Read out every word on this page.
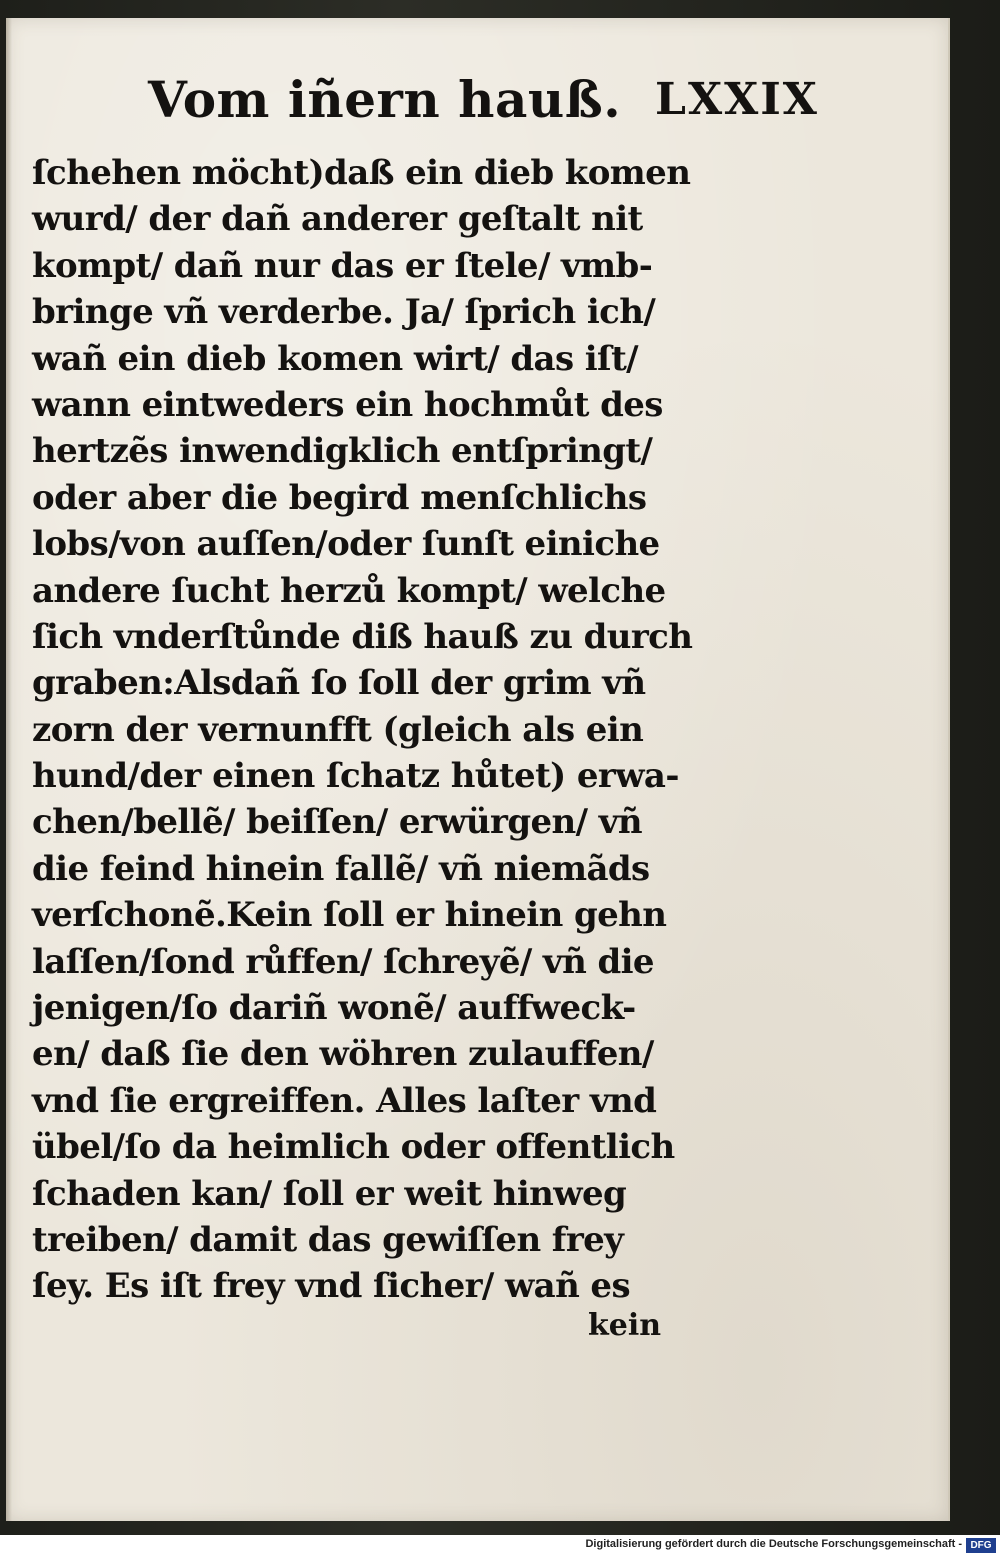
Vom iñern hauß. LXXIX
ſchehen möcht)daß ein dieb komen
wurd/ der dañ anderer geſtalt nit
kompt/ dañ nur das er ſtele/ vmb-
bringe vñ verderbe. Ja/ ſprich ich/
wañ ein dieb komen wirt/ das iſt/
wann eintweders ein hochmůt des
hertzẽs inwendigklich entſpringt/
oder aber die begird menſchlichs
lobs/von auſſen/oder ſunſt einiche
andere ſucht herzů kompt/ welche
ſich vnderſtůnde diß hauß zu durch
graben:Alsdañ ſo ſoll der grim vñ
zorn der vernunfft (gleich als ein
hund/der einen ſchatz hůtet) erwa-
chen/bellẽ/ beiſſen/ erwürgen/ vñ
die feind hinein fallẽ/ vñ niemãds
verſchonẽ.Kein ſoll er hinein gehn
laſſen/ſond růffen/ ſchreyẽ/ vñ die
jenigen/ſo dariñ wonẽ/ auffweck-
en/ daß ſie den wöhren zulauffen/
vnd ſie ergreiffen. Alles laſter vnd
übel/ſo da heimlich oder offentlich
ſchaden kan/ ſoll er weit hinweg
treiben/ damit das gewiſſen frey
ſey. Es iſt frey vnd ſicher/ wañ es
kein
Digitalisierung gefördert durch die Deutsche Forschungsgemeinschaft - DFG
